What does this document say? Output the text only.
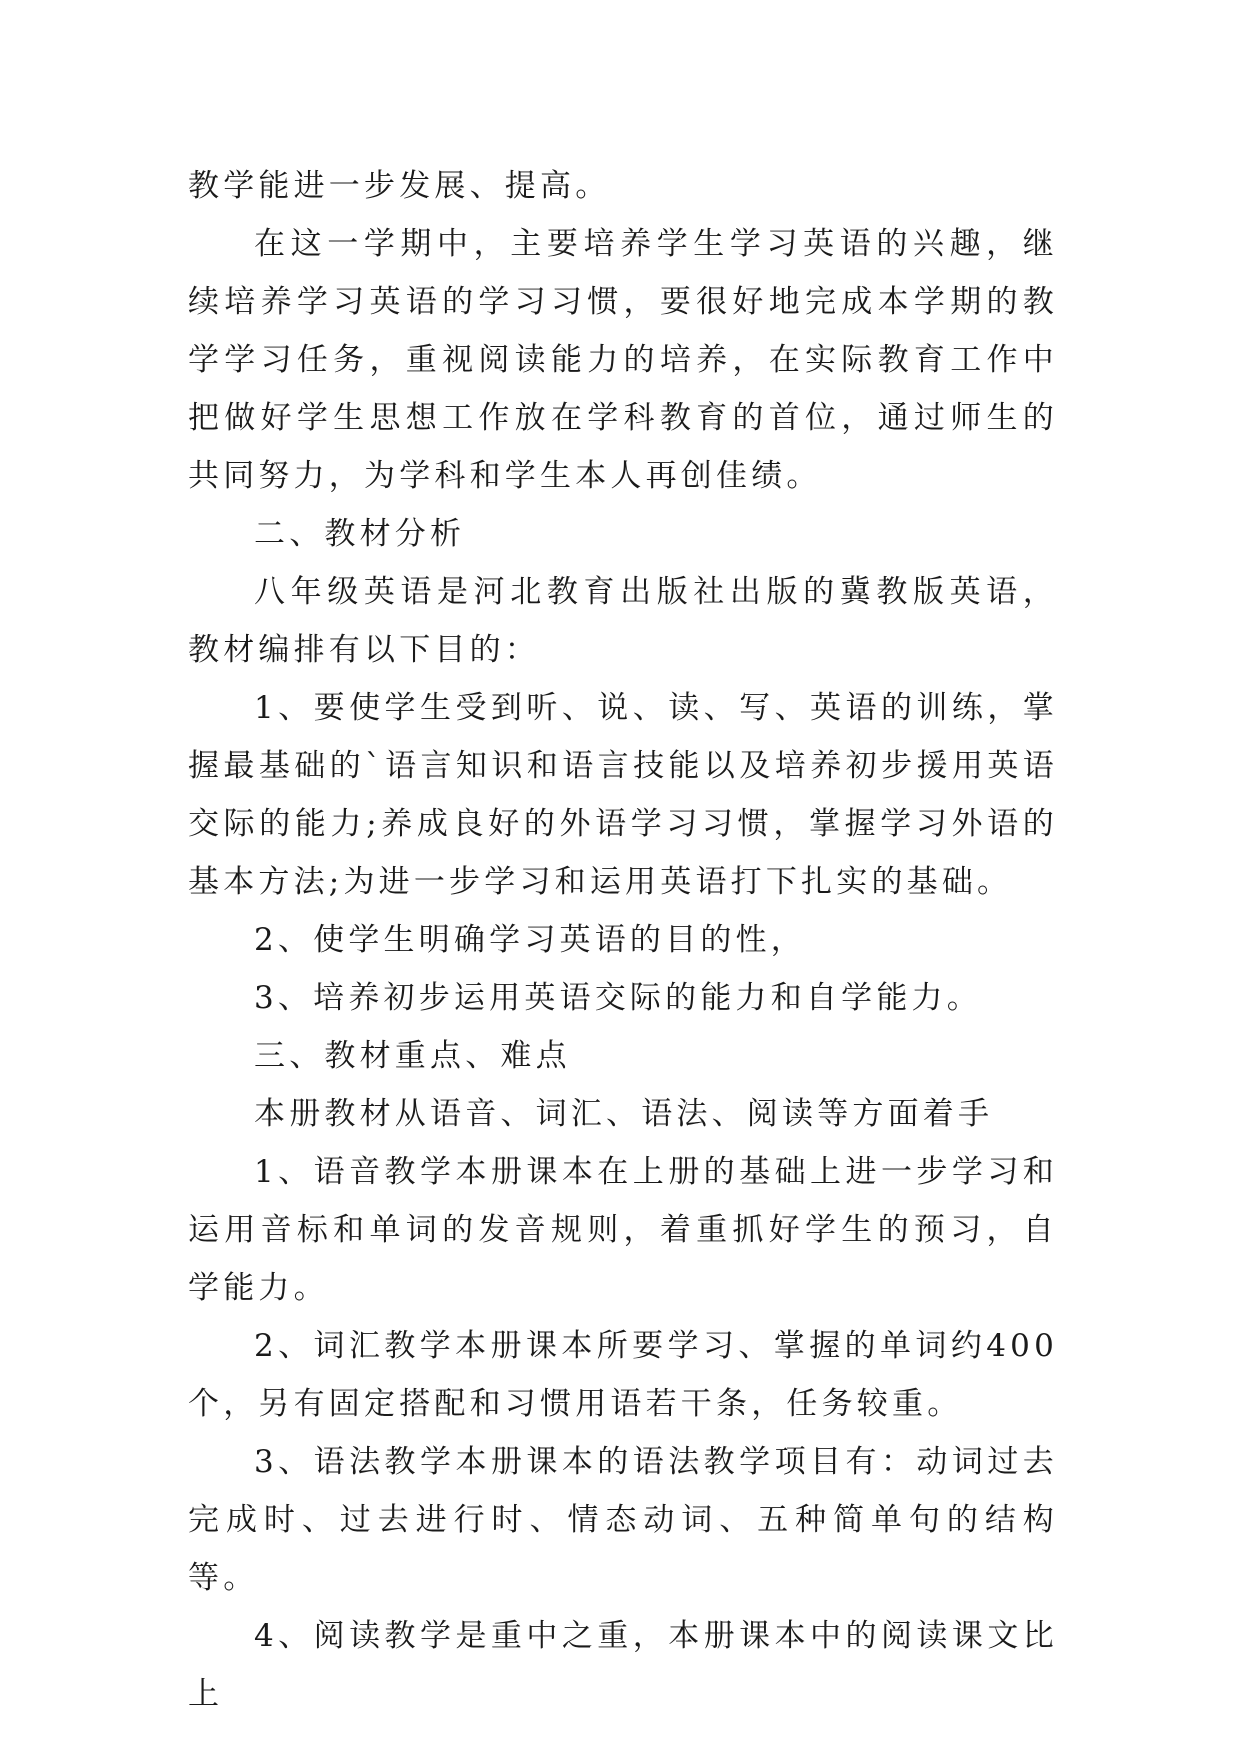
教学能进一步发展、提高。

在这一学期中，主要培养学生学习英语的兴趣，继续培养学习英语的学习习惯，要很好地完成本学期的教学学习任务，重视阅读能力的培养，在实际教育工作中把做好学生思想工作放在学科教育的首位，通过师生的共同努力，为学科和学生本人再创佳绩。

二、教材分析

八年级英语是河北教育出版社出版的冀教版英语，教材编排有以下目的：

1、要使学生受到听、说、读、写、英语的训练，掌握最基础的`语言知识和语言技能以及培养初步援用英语交际的能力;养成良好的外语学习习惯，掌握学习外语的基本方法;为进一步学习和运用英语打下扎实的基础。

2、使学生明确学习英语的目的性，

3、培养初步运用英语交际的能力和自学能力。

三、教材重点、难点

本册教材从语音、词汇、语法、阅读等方面着手

1、语音教学本册课本在上册的基础上进一步学习和运用音标和单词的发音规则，着重抓好学生的预习，自学能力。

2、词汇教学本册课本所要学习、掌握的单词约400个，另有固定搭配和习惯用语若干条，任务较重。

3、语法教学本册课本的语法教学项目有：动词过去完成时、过去进行时、情态动词、五种简单句的结构等。

4、阅读教学是重中之重，本册课本中的阅读课文比上
